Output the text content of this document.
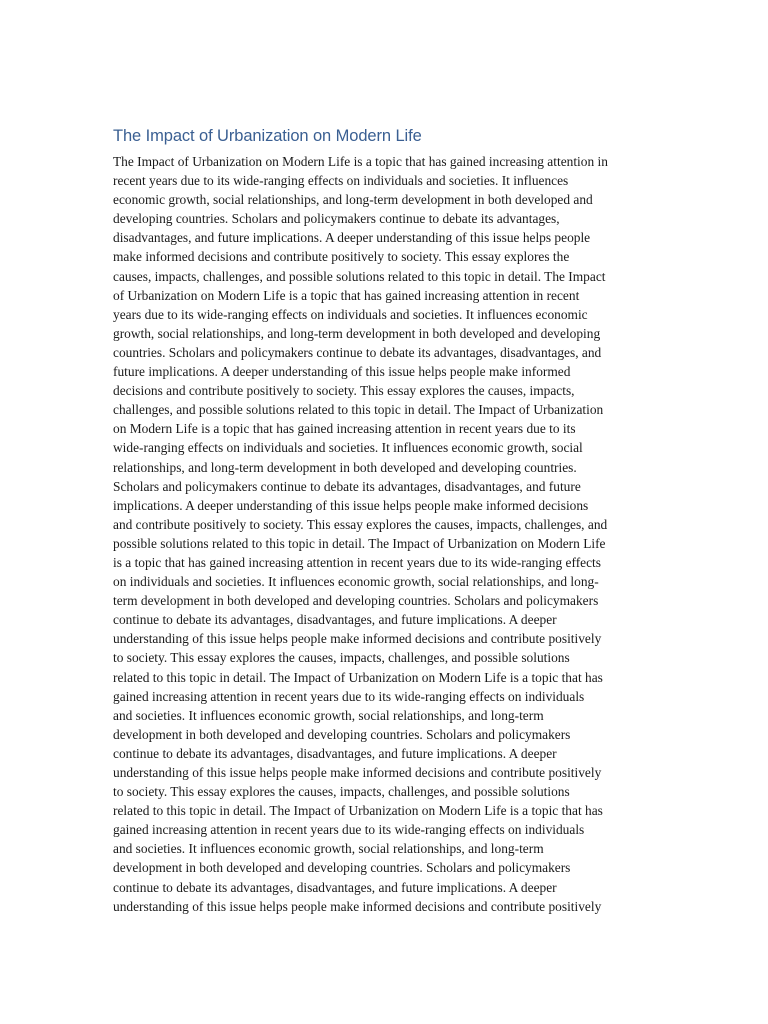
The Impact of Urbanization on Modern Life
The Impact of Urbanization on Modern Life is a topic that has gained increasing attention in
recent years due to its wide-ranging effects on individuals and societies. It influences
economic growth, social relationships, and long-term development in both developed and
developing countries. Scholars and policymakers continue to debate its advantages,
disadvantages, and future implications. A deeper understanding of this issue helps people
make informed decisions and contribute positively to society. This essay explores the
causes, impacts, challenges, and possible solutions related to this topic in detail. The Impact
of Urbanization on Modern Life is a topic that has gained increasing attention in recent
years due to its wide-ranging effects on individuals and societies. It influences economic
growth, social relationships, and long-term development in both developed and developing
countries. Scholars and policymakers continue to debate its advantages, disadvantages, and
future implications. A deeper understanding of this issue helps people make informed
decisions and contribute positively to society. This essay explores the causes, impacts,
challenges, and possible solutions related to this topic in detail. The Impact of Urbanization
on Modern Life is a topic that has gained increasing attention in recent years due to its
wide-ranging effects on individuals and societies. It influences economic growth, social
relationships, and long-term development in both developed and developing countries.
Scholars and policymakers continue to debate its advantages, disadvantages, and future
implications. A deeper understanding of this issue helps people make informed decisions
and contribute positively to society. This essay explores the causes, impacts, challenges, and
possible solutions related to this topic in detail. The Impact of Urbanization on Modern Life
is a topic that has gained increasing attention in recent years due to its wide-ranging effects
on individuals and societies. It influences economic growth, social relationships, and long-
term development in both developed and developing countries. Scholars and policymakers
continue to debate its advantages, disadvantages, and future implications. A deeper
understanding of this issue helps people make informed decisions and contribute positively
to society. This essay explores the causes, impacts, challenges, and possible solutions
related to this topic in detail. The Impact of Urbanization on Modern Life is a topic that has
gained increasing attention in recent years due to its wide-ranging effects on individuals
and societies. It influences economic growth, social relationships, and long-term
development in both developed and developing countries. Scholars and policymakers
continue to debate its advantages, disadvantages, and future implications. A deeper
understanding of this issue helps people make informed decisions and contribute positively
to society. This essay explores the causes, impacts, challenges, and possible solutions
related to this topic in detail. The Impact of Urbanization on Modern Life is a topic that has
gained increasing attention in recent years due to its wide-ranging effects on individuals
and societies. It influences economic growth, social relationships, and long-term
development in both developed and developing countries. Scholars and policymakers
continue to debate its advantages, disadvantages, and future implications. A deeper
understanding of this issue helps people make informed decisions and contribute positively
